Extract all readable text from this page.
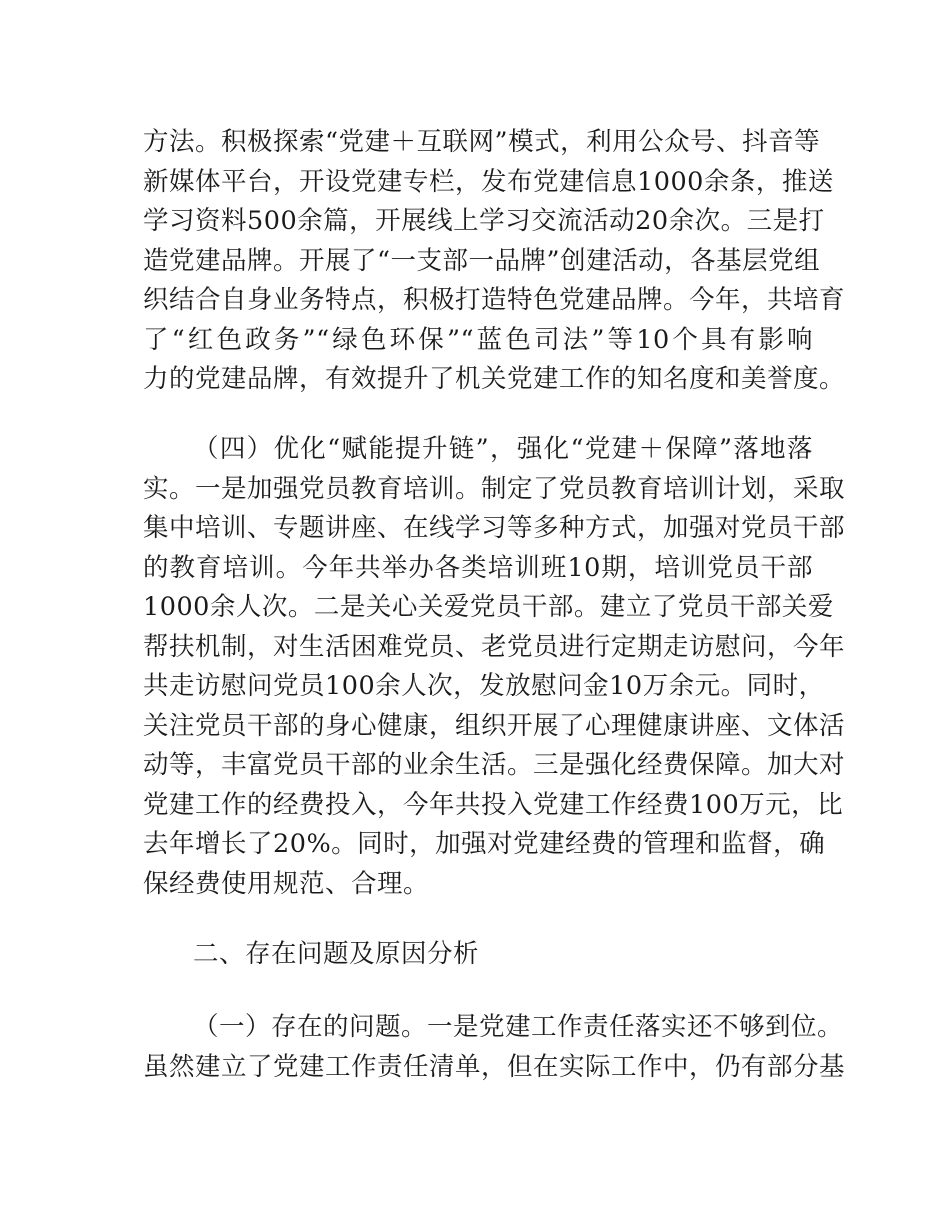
方法。积极探索“党建＋互联网”模式，利用公众号、抖音等
新媒体平台，开设党建专栏，发布党建信息1000余条，推送
学习资料500余篇，开展线上学习交流活动20余次。三是打
造党建品牌。开展了“一支部一品牌”创建活动，各基层党组
织结合自身业务特点，积极打造特色党建品牌。今年，共培育
了“红色政务”“绿色环保”“蓝色司法”等10个具有影响
力的党建品牌，有效提升了机关党建工作的知名度和美誉度。
（四）优化“赋能提升链”，强化“党建＋保障”落地落
实。一是加强党员教育培训。制定了党员教育培训计划，采取
集中培训、专题讲座、在线学习等多种方式，加强对党员干部
的教育培训。今年共举办各类培训班10期，培训党员干部
1000余人次。二是关心关爱党员干部。建立了党员干部关爱
帮扶机制，对生活困难党员、老党员进行定期走访慰问，今年
共走访慰问党员100余人次，发放慰问金10万余元。同时，
关注党员干部的身心健康，组织开展了心理健康讲座、文体活
动等，丰富党员干部的业余生活。三是强化经费保障。加大对
党建工作的经费投入，今年共投入党建工作经费100万元，比
去年增长了20%。同时，加强对党建经费的管理和监督，确
保经费使用规范、合理。
二、存在问题及原因分析
（一）存在的问题。一是党建工作责任落实还不够到位。
虽然建立了党建工作责任清单，但在实际工作中，仍有部分基
